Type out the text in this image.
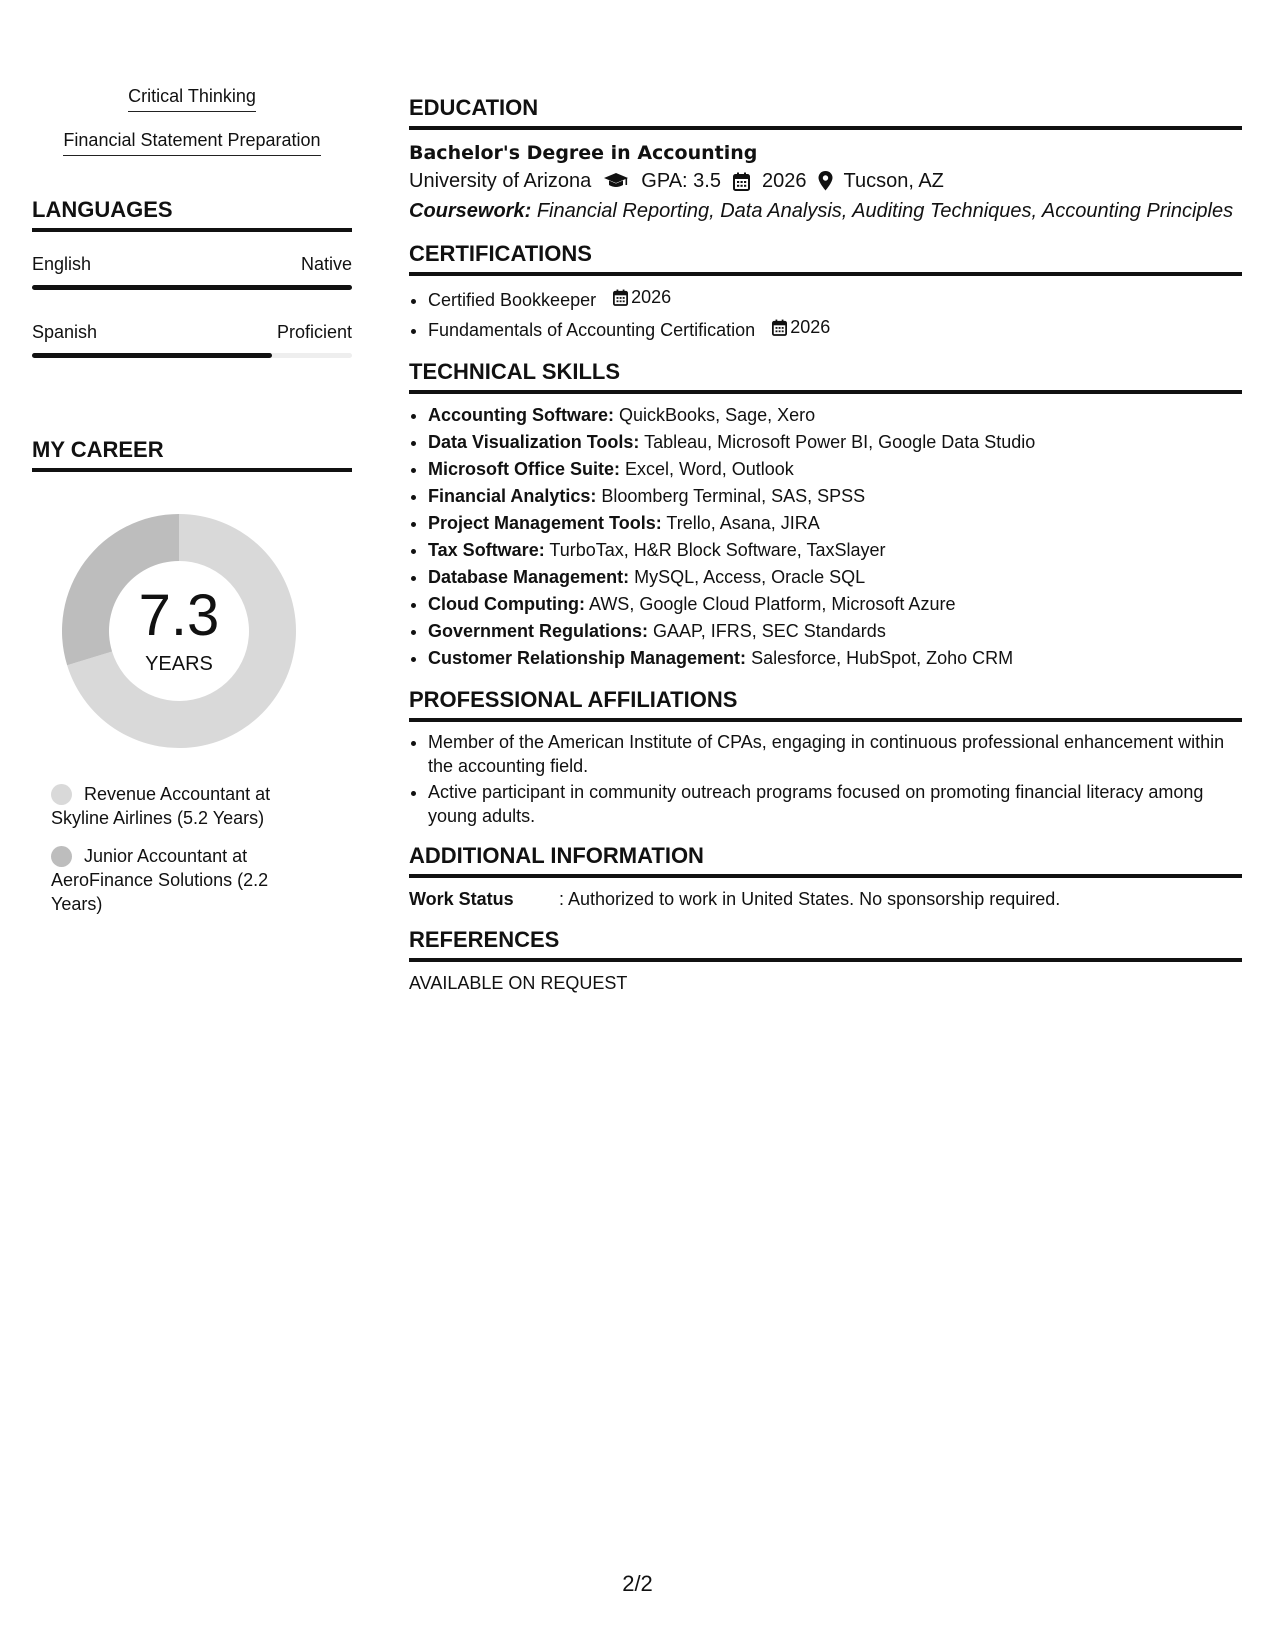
Critical Thinking
Financial Statement Preparation
LANGUAGES
English	Native
Spanish	Proficient
MY CAREER
7.3
YEARS
Revenue Accountant at Skyline Airlines (5.2 Years)
Junior Accountant at AeroFinance Solutions (2.2 Years)
EDUCATION
Bachelor's Degree in Accounting
University of Arizona	GPA: 3.5 2026 Tucson, AZ
Coursework: Financial Reporting, Data Analysis, Auditing Techniques, Accounting Principles
CERTIFICATIONS
• Certified Bookkeeper 2026
• Fundamentals of Accounting Certification 2026
TECHNICAL SKILLS
• Accounting Software: QuickBooks, Sage, Xero
• Data Visualization Tools: Tableau, Microsoft Power BI, Google Data Studio
• Microsoft Office Suite: Excel, Word, Outlook
• Financial Analytics: Bloomberg Terminal, SAS, SPSS
• Project Management Tools: Trello, Asana, JIRA
• Tax Software: TurboTax, H&R Block Software, TaxSlayer
• Database Management: MySQL, Access, Oracle SQL
• Cloud Computing: AWS, Google Cloud Platform, Microsoft Azure
• Government Regulations: GAAP, IFRS, SEC Standards
• Customer Relationship Management: Salesforce, HubSpot, Zoho CRM
PROFESSIONAL AFFILIATIONS
• Member of the American Institute of CPAs, engaging in continuous professional enhancement within the accounting field.
• Active participant in community outreach programs focused on promoting financial literacy among young adults.
ADDITIONAL INFORMATION
Work Status	: Authorized to work in United States. No sponsorship required.
REFERENCES
AVAILABLE ON REQUEST
2/2
